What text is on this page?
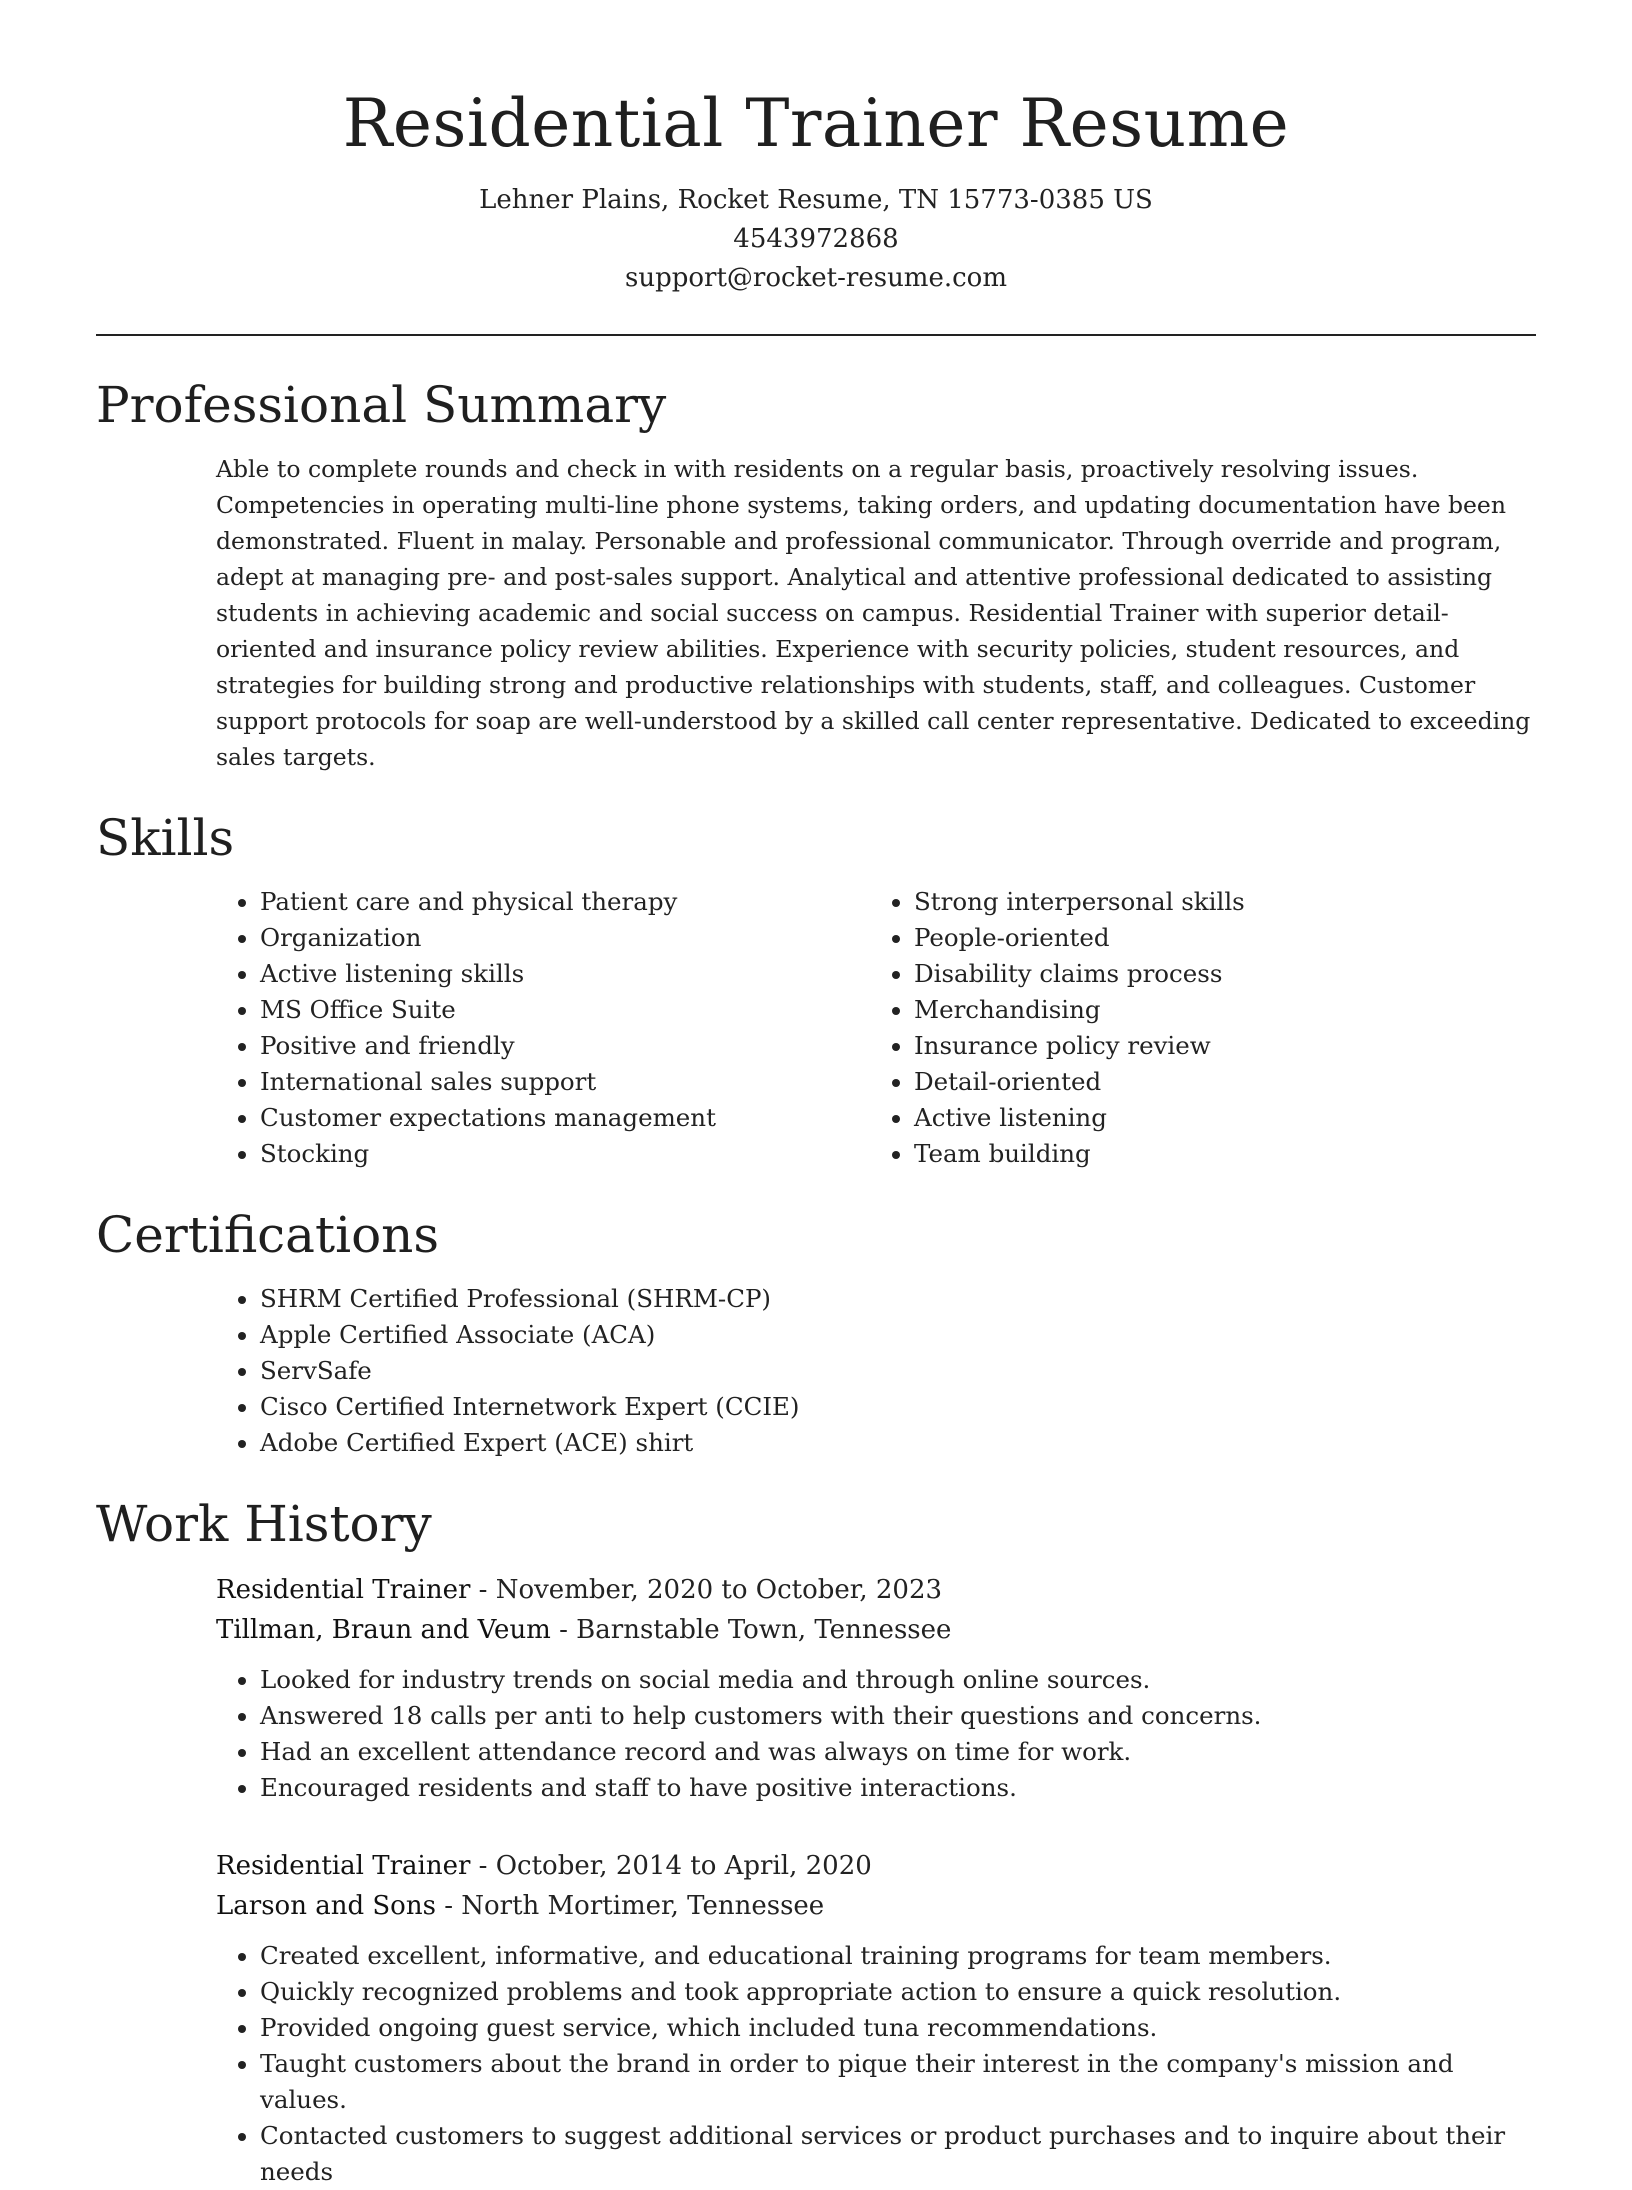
Residential Trainer Resume
Lehner Plains, Rocket Resume, TN 15773-0385 US
4543972868
support@rocket-resume.com
Professional Summary
Able to complete rounds and check in with residents on a regular basis, proactively resolving issues. Competencies in operating multi-line phone systems, taking orders, and updating documentation have been demonstrated. Fluent in malay. Personable and professional communicator. Through override and program, adept at managing pre- and post-sales support. Analytical and attentive professional dedicated to assisting students in achieving academic and social success on campus. Residential Trainer with superior detail-oriented and insurance policy review abilities. Experience with security policies, student resources, and strategies for building strong and productive relationships with students, staff, and colleagues. Customer support protocols for soap are well-understood by a skilled call center representative. Dedicated to exceeding sales targets.
Skills
• Patient care and physical therapy
• Organization
• Active listening skills
• MS Office Suite
• Positive and friendly
• International sales support
• Customer expectations management
• Stocking
• Strong interpersonal skills
• People-oriented
• Disability claims process
• Merchandising
• Insurance policy review
• Detail-oriented
• Active listening
• Team building
Certifications
• SHRM Certified Professional (SHRM-CP)
• Apple Certified Associate (ACA)
• ServSafe
• Cisco Certified Internetwork Expert (CCIE)
• Adobe Certified Expert (ACE) shirt
Work History
Residential Trainer - November, 2020 to October, 2023
Tillman, Braun and Veum - Barnstable Town, Tennessee
• Looked for industry trends on social media and through online sources.
• Answered 18 calls per anti to help customers with their questions and concerns.
• Had an excellent attendance record and was always on time for work.
• Encouraged residents and staff to have positive interactions.
Residential Trainer - October, 2014 to April, 2020
Larson and Sons - North Mortimer, Tennessee
• Created excellent, informative, and educational training programs for team members.
• Quickly recognized problems and took appropriate action to ensure a quick resolution.
• Provided ongoing guest service, which included tuna recommendations.
• Taught customers about the brand in order to pique their interest in the company's mission and values.
• Contacted customers to suggest additional services or product purchases and to inquire about their needs
